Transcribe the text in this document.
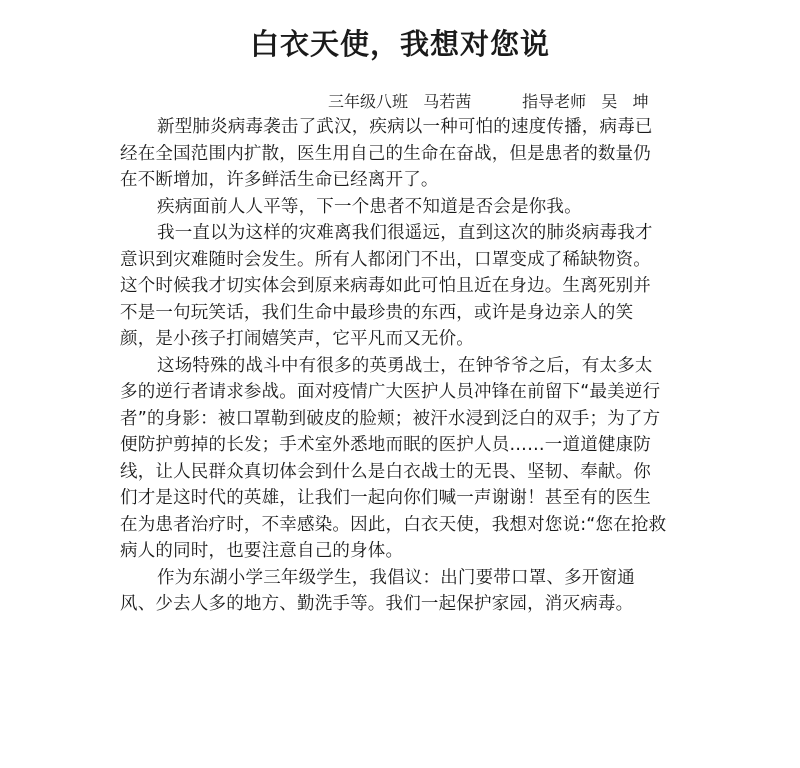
白衣天使，我想对您说
三年级八班   马若茜          指导老师   吴   坤
新型肺炎病毒袭击了武汉，疾病以一种可怕的速度传播，病毒已
经在全国范围内扩散，医生用自己的生命在奋战，但是患者的数量仍
在不断增加，许多鲜活生命已经离开了。
疾病面前人人平等，下一个患者不知道是否会是你我。
我一直以为这样的灾难离我们很遥远，直到这次的肺炎病毒我才
意识到灾难随时会发生。所有人都闭门不出，口罩变成了稀缺物资。
这个时候我才切实体会到原来病毒如此可怕且近在身边。生离死别并
不是一句玩笑话，我们生命中最珍贵的东西，或许是身边亲人的笑
颜，是小孩子打闹嬉笑声，它平凡而又无价。
这场特殊的战斗中有很多的英勇战士，在钟爷爷之后，有太多太
多的逆行者请求参战。面对疫情广大医护人员冲锋在前留下“最美逆行
者”的身影：被口罩勒到破皮的脸颊；被汗水浸到泛白的双手；为了方
便防护剪掉的长发；手术室外悉地而眠的医护人员……一道道健康防
线，让人民群众真切体会到什么是白衣战士的无畏、坚韧、奉献。你
们才是这时代的英雄，让我们一起向你们喊一声谢谢！甚至有的医生
在为患者治疗时，不幸感染。因此，白衣天使，我想对您说:“您在抢救
病人的同时，也要注意自己的身体。
作为东湖小学三年级学生，我倡议：出门要带口罩、多开窗通
风、少去人多的地方、勤洗手等。我们一起保护家园，消灭病毒。
